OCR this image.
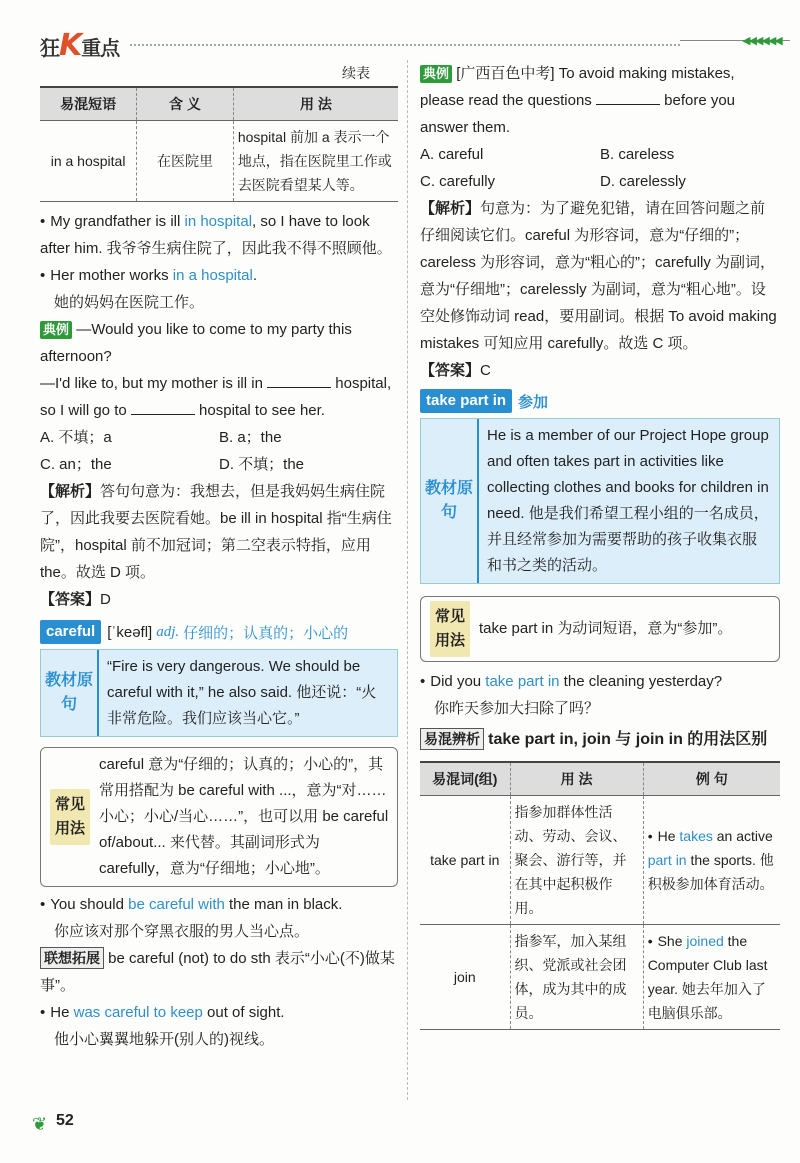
狂K重点	◀◀◀◀◀◀
续表
易混短语	含 义	用 法
in a hospital	在医院里	hospital 前加 a 表示一个地点，指在医院里工作或去医院看望某人等。

• My grandfather is ill in hospital, so I have to look after him. 我爷爷生病住院了，因此我不得不照顾他。

• Her mother works in a hospital.

她的妈妈在医院工作。

典例 —Would you like to come to my party this afternoon?

—I'd like to, but my mother is ill in	hospital, so I will go to	hospital to see her.

A. 不填；a	B. a；the
C. an；the	D. 不填；the

【解析】答句句意为：我想去，但是我妈妈生病住院了，因此我要去医院看她。be ill in hospital 指“生病住院”，hospital 前不加冠词；第二空表示特指，应用 the。故选 D 项。

【答案】D

careful [ˈkeəfl] adj. 仔细的；认真的；小心的
教材原句
“Fire is very dangerous. We should be careful with it,” he also said. 他还说：“火非常危险。我们应该当心它。”
常见用法
careful 意为“仔细的；认真的；小心的”，其常用搭配为 be careful with ...，意为“对……小心；小心/当心……”，也可以用 be careful of/about... 来代替。其副词形式为 carefully，意为“仔细地；小心地”。

• You should be careful with the man in black.

你应该对那个穿黑衣服的男人当心点。

联想拓展 be careful (not) to do sth 表示“小心(不)做某事”。

• He was careful to keep out of sight.

他小心翼翼地躲开(别人的)视线。

典例 [广西百色中考] To avoid making mistakes, please read the questions	before you answer them.

A. careful	B. careless
C. carefully	D. carelessly

【解析】句意为：为了避免犯错，请在回答问题之前仔细阅读它们。careful 为形容词，意为“仔细的”；careless 为形容词，意为“粗心的”；carefully 为副词，意为“仔细地”；carelessly 为副词，意为“粗心地”。设空处修饰动词 read，要用副词。根据 To avoid making mistakes 可知应用 carefully。故选 C 项。

【答案】C

take part in 参加
教材原句
He is a member of our Project Hope group and often takes part in activities like collecting clothes and books for children in need. 他是我们希望工程小组的一名成员，并且经常参加为需要帮助的孩子收集衣服和书之类的活动。
常见用法
take part in 为动词短语，意为“参加”。

• Did you take part in the cleaning yesterday?

你昨天参加大扫除了吗？

易混辨析 take part in, join 与 join in 的用法区别

易混词(组)	用 法	例 句
take part in	指参加群体性活动、劳动、会议、聚会、游行等，并在其中起积极作用。	• He takes an active part in the sports. 他积极参加体育活动。
join	指参军，加入某组织、党派或社会团体，成为其中的成员。	• She joined the Computer Club last year. 她去年加入了电脑俱乐部。
❦ 52
